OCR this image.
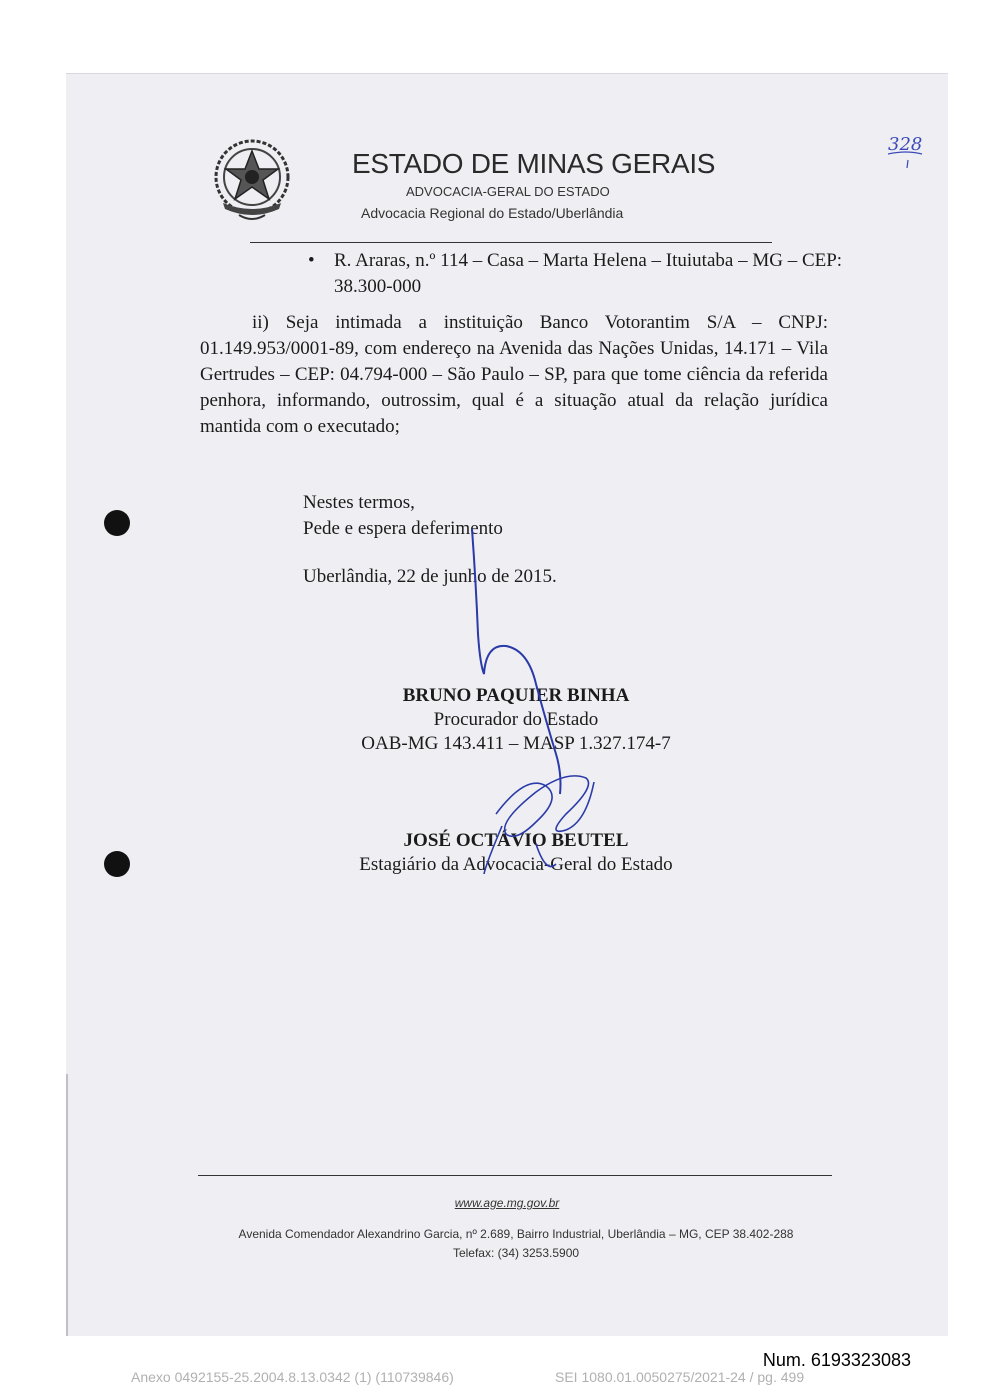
ESTADO DE MINAS GERAIS
ADVOCACIA-GERAL DO ESTADO
Advocacia Regional do Estado/Uberlândia
328
• R. Araras, n.º 114 – Casa – Marta Helena – Ituiutaba – MG – CEP: 38.300-000
ii) Seja intimada a instituição Banco Votorantim S/A – CNPJ: 01.149.953/0001-89, com endereço na Avenida das Nações Unidas, 14.171 – Vila Gertrudes – CEP: 04.794-000 – São Paulo – SP, para que tome ciência da referida penhora, informando, outrossim, qual é a situação atual da relação jurídica mantida com o executado;
Nestes termos,
Pede e espera deferimento
Uberlândia, 22 de junho de 2015.
BRUNO PAQUIER BINHA
Procurador do Estado
OAB-MG 143.411 – MASP 1.327.174-7
JOSÉ OCTÁVIO BEUTEL
Estagiário da Advocacia-Geral do Estado
www.age.mg.gov.br
Avenida Comendador Alexandrino Garcia, nº 2.689, Bairro Industrial, Uberlândia – MG, CEP 38.402-288
Telefax: (34) 3253.5900
Num. 6193323083
Anexo 0492155-25.2004.8.13.0342 (1) (110739846)	SEI 1080.01.0050275/2021-24 / pg. 499
